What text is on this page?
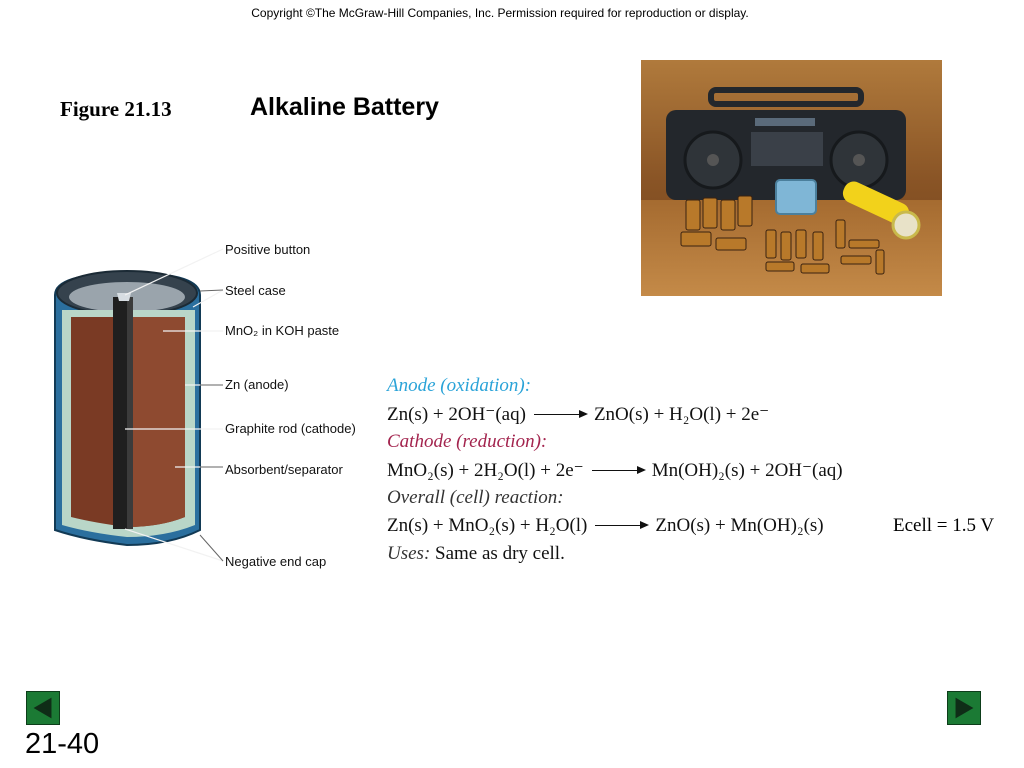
Copyright ©The McGraw-Hill Companies, Inc. Permission required for reproduction or display.
Figure 21.13	Alkaline Battery
Positive button
Steel case
MnO₂ in KOH paste
Zn (anode)
Graphite rod (cathode)
Absorbent/separator
Negative end cap
Anode (oxidation):
Zn(s) + 2OH⁻(aq) → ZnO(s) + H₂O(l) + 2e⁻
Cathode (reduction):
MnO₂(s) + 2H₂O(l) + 2e⁻ → Mn(OH)₂(s) + 2OH⁻(aq)
Overall (cell) reaction:
Zn(s) + MnO₂(s) + H₂O(l) → ZnO(s) + Mn(OH)₂(s)	Ecell = 1.5 V
Uses: Same as dry cell.
21-40
